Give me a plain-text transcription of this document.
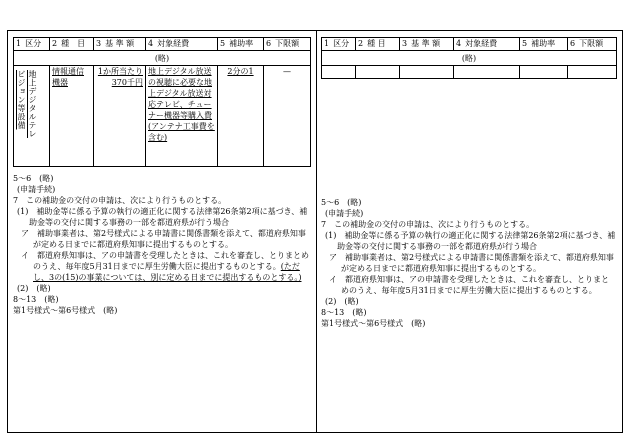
1 区分	2 種　目	3 基 準 額	4 対象経費	5 補助率	6 下限額
(略)					

地上デジタルテレ
ビジョン等設備	情報通信機器	1か所当たり370千円	地上デジタル放送の視聴に必要な地上デジタル放送対応テレビ、チューナー機器等購入費(アンテナ工事費を含む)	2分の1	—

5～6　(略)

(申請手続)

7　この補助金の交付の申請は、次により行うものとする。

(1)　補助金等に係る予算の執行の適正化に関する法律第26条第2項に基づき、補助金等の交付に関する事務の一部を都道府県が行う場合

ア　補助事業者は、第2号様式による申請書に関係書類を添えて、都道府県知事が定める日までに都道府県知事に提出するものとする。

イ　都道府県知事は、アの申請書を受理したときは、これを審査し、とりまとめのうえ、毎年度5月31日までに厚生労働大臣に提出するものとする。(ただし、3の(15)の事業については、別に定める日までに提出するものとする。)

(2)　(略)

8～13　(略)

第1号様式～第6号様式　(略)

1 区分	2 種 目	3 基 準 額	4 対象経費	5 補助率	6 下限額
(略)					

5～6　(略)

(申請手続)

7　この補助金の交付の申請は、次により行うものとする。

(1)　補助金等に係る予算の執行の適正化に関する法律第26条第2項に基づき、補助金等の交付に関する事務の一部を都道府県が行う場合

ア　補助事業者は、第2号様式による申請書に関係書類を添えて、都道府県知事が定める日までに都道府県知事に提出するものとする。

イ　都道府県知事は、アの申請書を受理したときは、これを審査し、とりまとめのうえ、毎年度5月31日までに厚生労働大臣に提出するものとする。

(2)　(略)

8～13　(略)

第1号様式～第6号様式　(略)
